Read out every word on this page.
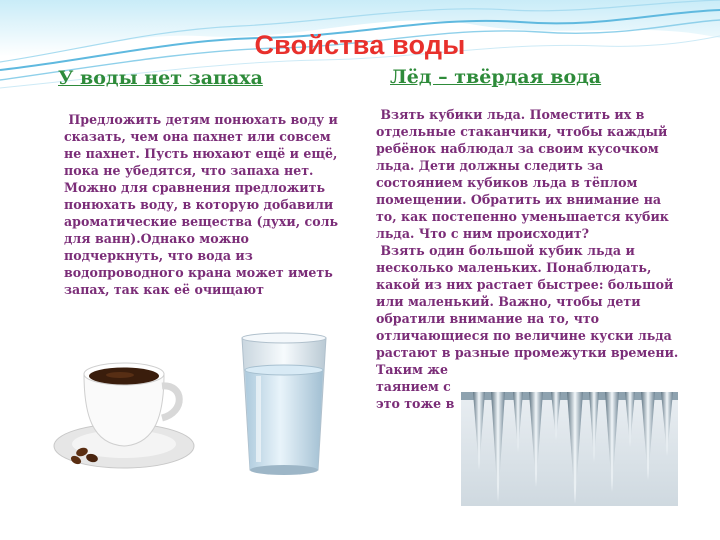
Свойства воды
У воды нет запаха	Лёд – твёрдая вода

Предложить детям понюхать воду и сказать, чем она пахнет или совсем не пахнет. Пусть нюхают ещё и ещё, пока не убедятся, что запаха нет. Можно для сравнения предложить понюхать воду, в которую добавили ароматические вещества (духи, соль для ванн).Однако можно подчеркнуть, что вода из водопроводного крана может иметь запах, так как её очищают

Взять кубики льда. Поместить их в отдельные стаканчики, чтобы каждый ребёнок наблюдал за своим кусочком льда. Дети должны следить за состоянием кубиков льда в тёплом помещении. Обратить их внимание на то, как постепенно уменьшается кубик льда. Что с ним происходит?

Взять один большой кубик льда и несколько маленьких. Понаблюдать, какой из них растает быстрее: большой или маленький. Важно, чтобы дети обратили внимание на то, что отличающиеся по величине куски льда растают в разные промежутки времени. Таким же

таянием с

это тоже в
